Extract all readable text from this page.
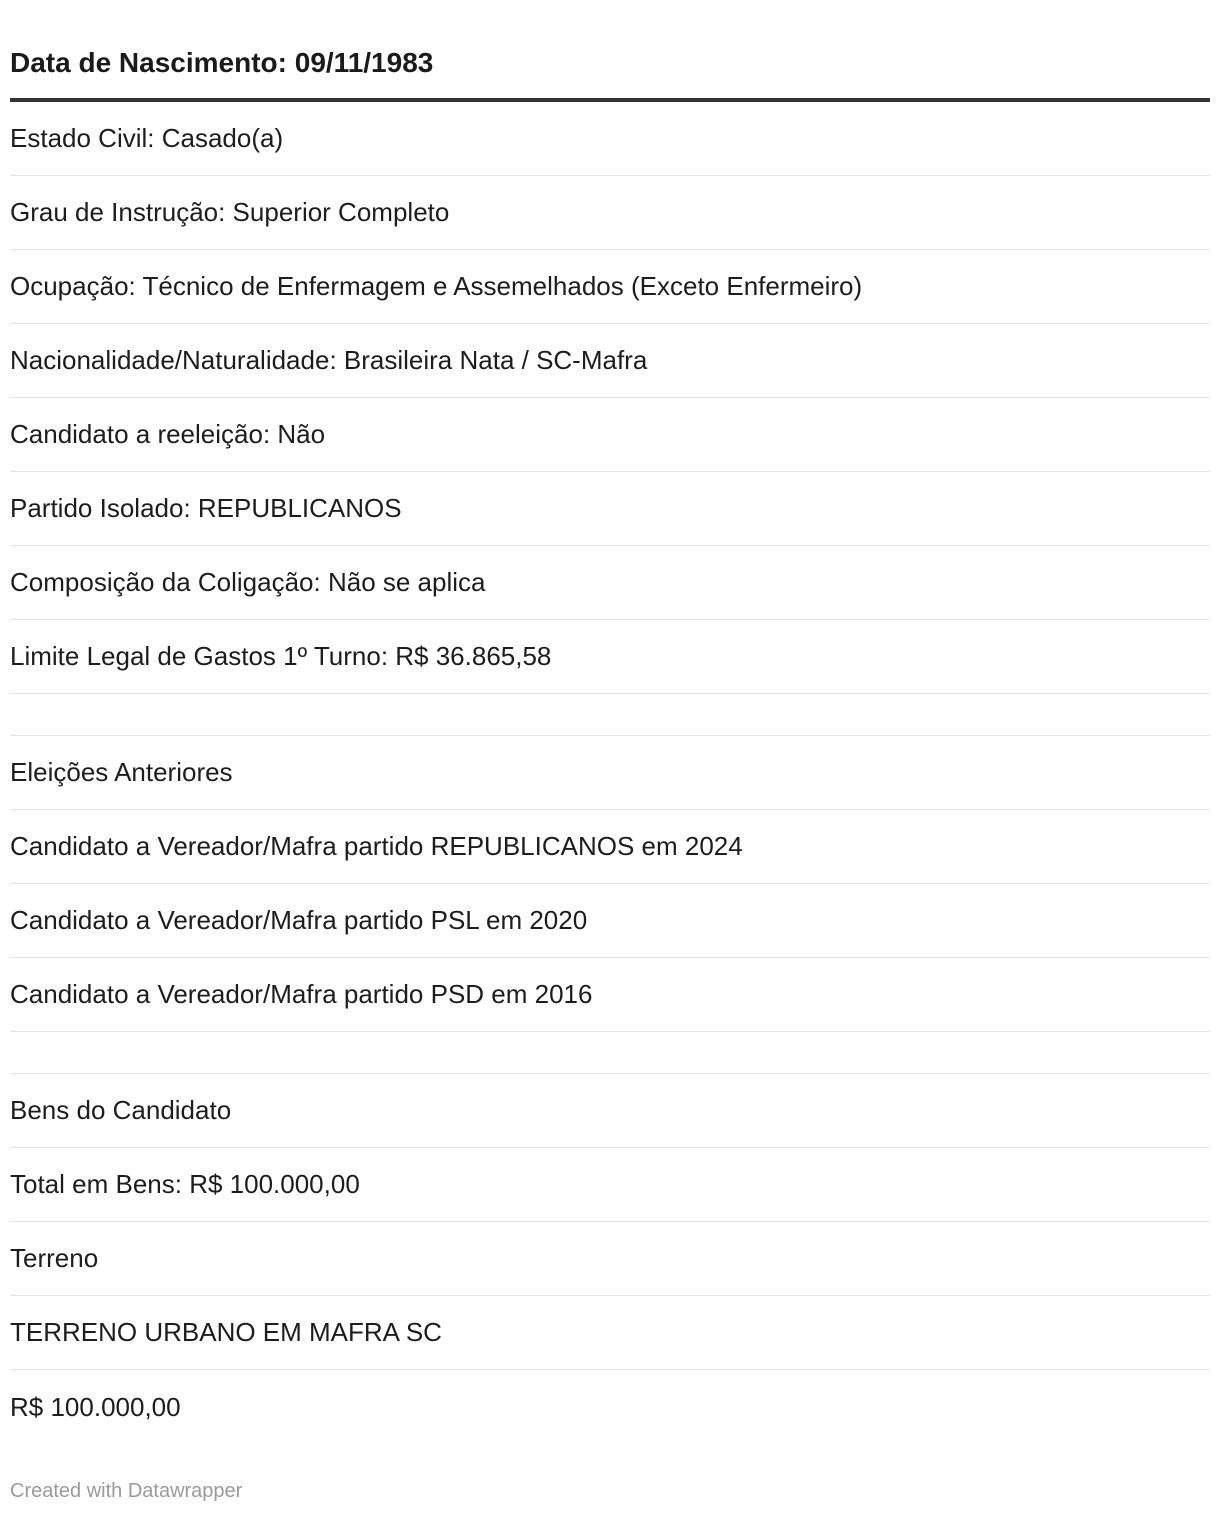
Data de Nascimento: 09/11/1983
Estado Civil: Casado(a)
Grau de Instrução: Superior Completo
Ocupação: Técnico de Enfermagem e Assemelhados (Exceto Enfermeiro)
Nacionalidade/Naturalidade: Brasileira Nata / SC-Mafra
Candidato a reeleição: Não
Partido Isolado: REPUBLICANOS
Composição da Coligação: Não se aplica
Limite Legal de Gastos 1º Turno: R$ 36.865,58
Eleições Anteriores
Candidato a Vereador/Mafra partido REPUBLICANOS em 2024
Candidato a Vereador/Mafra partido PSL em 2020
Candidato a Vereador/Mafra partido PSD em 2016
Bens do Candidato
Total em Bens: R$ 100.000,00
Terreno
TERRENO URBANO EM MAFRA SC
R$ 100.000,00
Created with Datawrapper
